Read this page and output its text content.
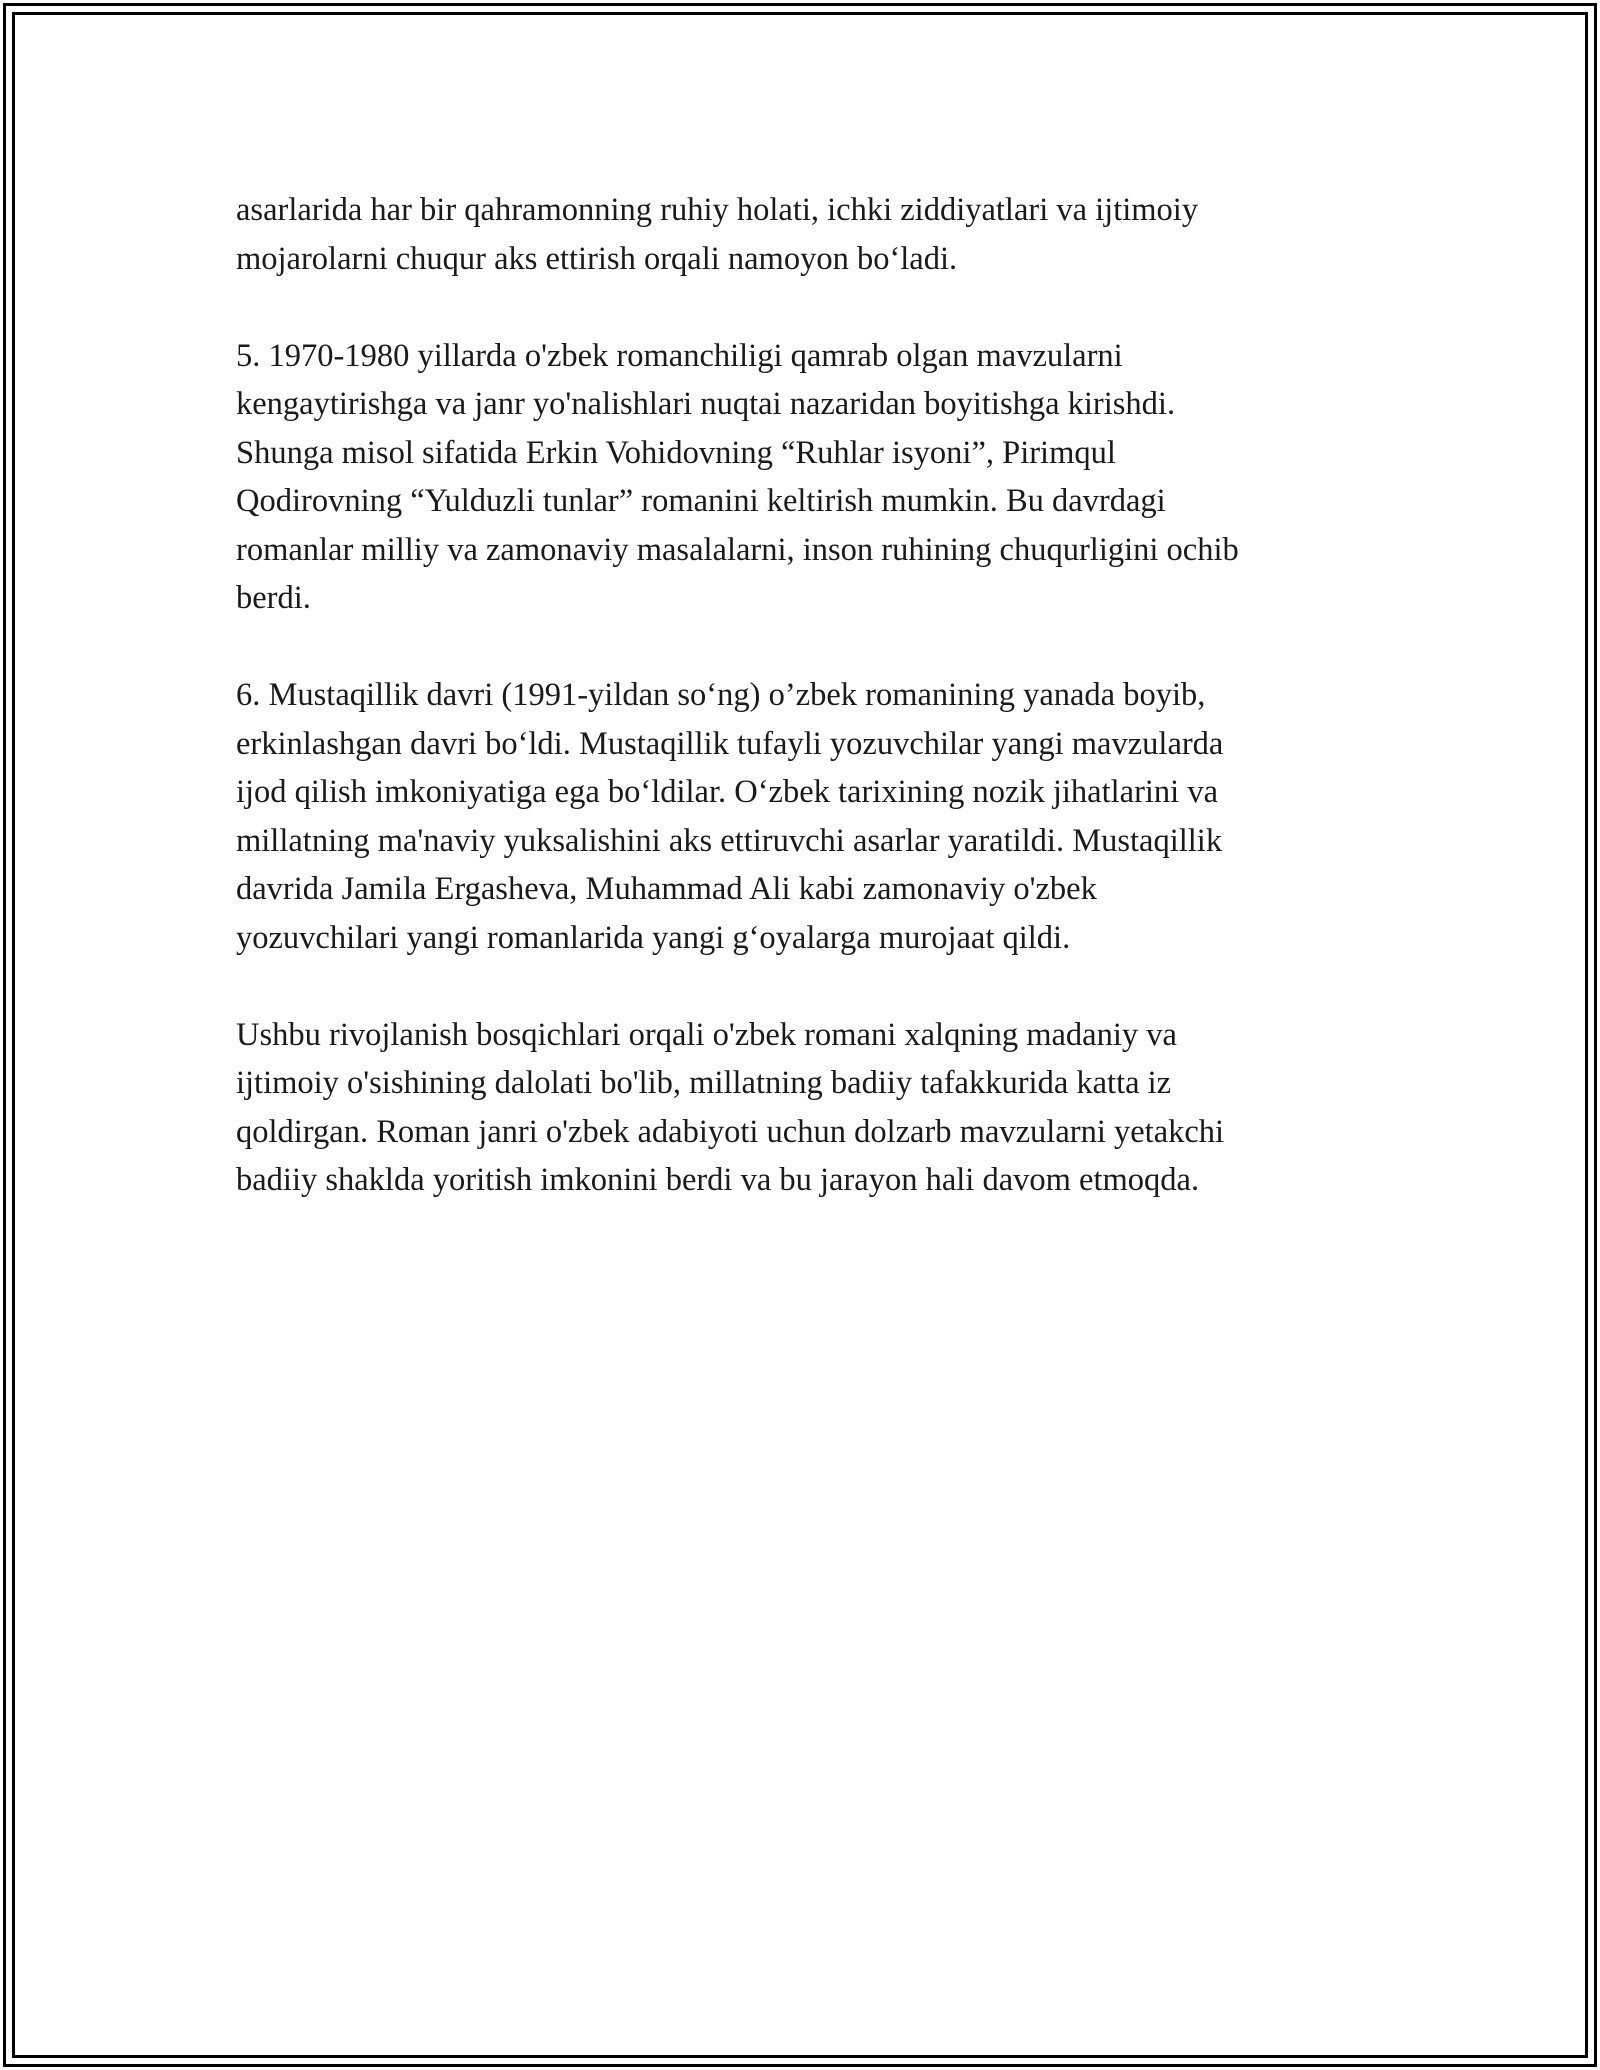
asarlarida har bir qahramonning ruhiy holati, ichki ziddiyatlari va ijtimoiy
mojarolarni chuqur aks ettirish orqali namoyon bo‘ladi.

5. 1970-1980 yillarda o'zbek romanchiligi qamrab olgan mavzularni
kengaytirishga va janr yo'nalishlari nuqtai nazaridan boyitishga kirishdi.
Shunga misol sifatida Erkin Vohidovning “Ruhlar isyoni”, Pirimqul
Qodirovning “Yulduzli tunlar” romanini keltirish mumkin. Bu davrdagi
romanlar milliy va zamonaviy masalalarni, inson ruhining chuqurligini ochib
berdi.

6. Mustaqillik davri (1991-yildan so‘ng) o’zbek romanining yanada boyib,
erkinlashgan davri bo‘ldi. Mustaqillik tufayli yozuvchilar yangi mavzularda
ijod qilish imkoniyatiga ega bo‘ldilar. O‘zbek tarixining nozik jihatlarini va
millatning ma'naviy yuksalishini aks ettiruvchi asarlar yaratildi. Mustaqillik
davrida Jamila Ergasheva, Muhammad Ali kabi zamonaviy o'zbek
yozuvchilari yangi romanlarida yangi g‘oyalarga murojaat qildi.

Ushbu rivojlanish bosqichlari orqali o'zbek romani xalqning madaniy va
ijtimoiy o'sishining dalolati bo'lib, millatning badiiy tafakkurida katta iz
qoldirgan. Roman janri o'zbek adabiyoti uchun dolzarb mavzularni yetakchi
badiiy shaklda yoritish imkonini berdi va bu jarayon hali davom etmoqda.
